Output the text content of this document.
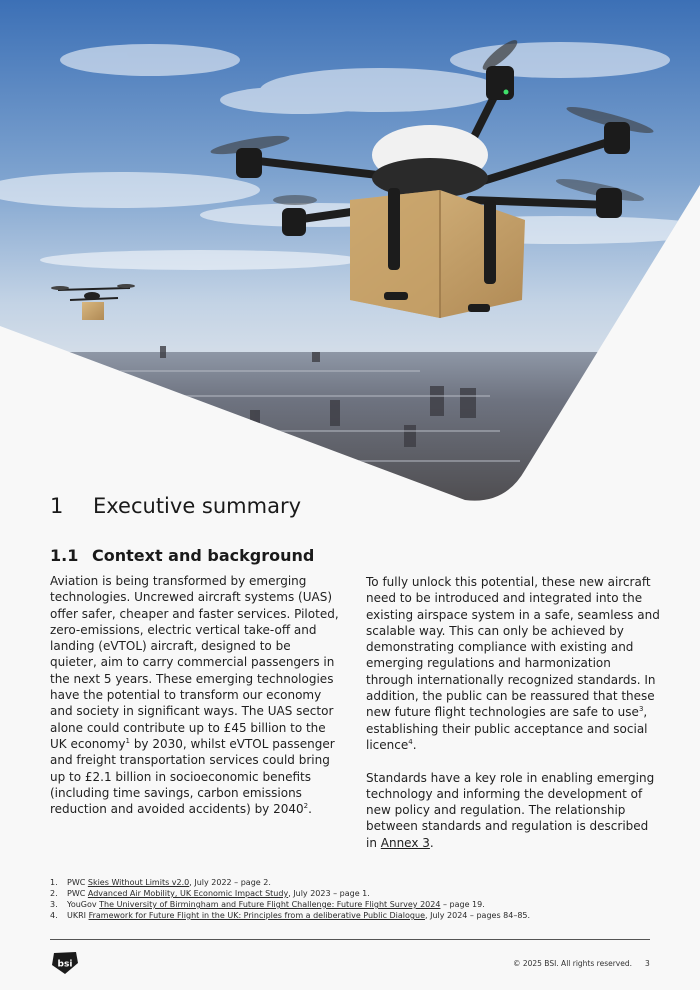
1 Executive summary
1.1 Context and background

Aviation is being transformed by emerging technologies. Uncrewed aircraft systems (UAS) offer safer, cheaper and faster services. Piloted, zero-emissions, electric vertical take-off and landing (eVTOL) aircraft, designed to be quieter, aim to carry commercial passengers in the next 5 years. These emerging technologies have the potential to transform our economy and society in significant ways. The UAS sector alone could contribute up to £45 billion to the UK economy$^1$ by 2030, whilst eVTOL passenger and freight transportation services could bring up to £2.1 billion in socioeconomic benefits (including time savings, carbon emissions reduction and avoided accidents) by 2040$^2$.

To fully unlock this potential, these new aircraft need to be introduced and integrated into the existing airspace system in a safe, seamless and scalable way. This can only be achieved by demonstrating compliance with existing and emerging regulations and harmonization through internationally recognized standards. In addition, the public can be reassured that these new future flight technologies are safe to use$^3$, establishing their public acceptance and social licence$^4$.

Standards have a key role in enabling emerging technology and informing the development of new policy and regulation. The relationship between standards and regulation is described in Annex 3.

1.	PWC Skies Without Limits v2.0, July 2022 – page 2.
2.	PWC Advanced Air Mobility, UK Economic Impact Study, July 2023 – page 1.
3.	YouGov The University of Birmingham and Future Flight Challenge: Future Flight Survey 2024 – page 19.
4.	UKRI Framework for Future Flight in the UK: Principles from a deliberative Public Dialogue, July 2024 – pages 84–85.
bsi	© 2025 BSI. All rights reserved. 3
